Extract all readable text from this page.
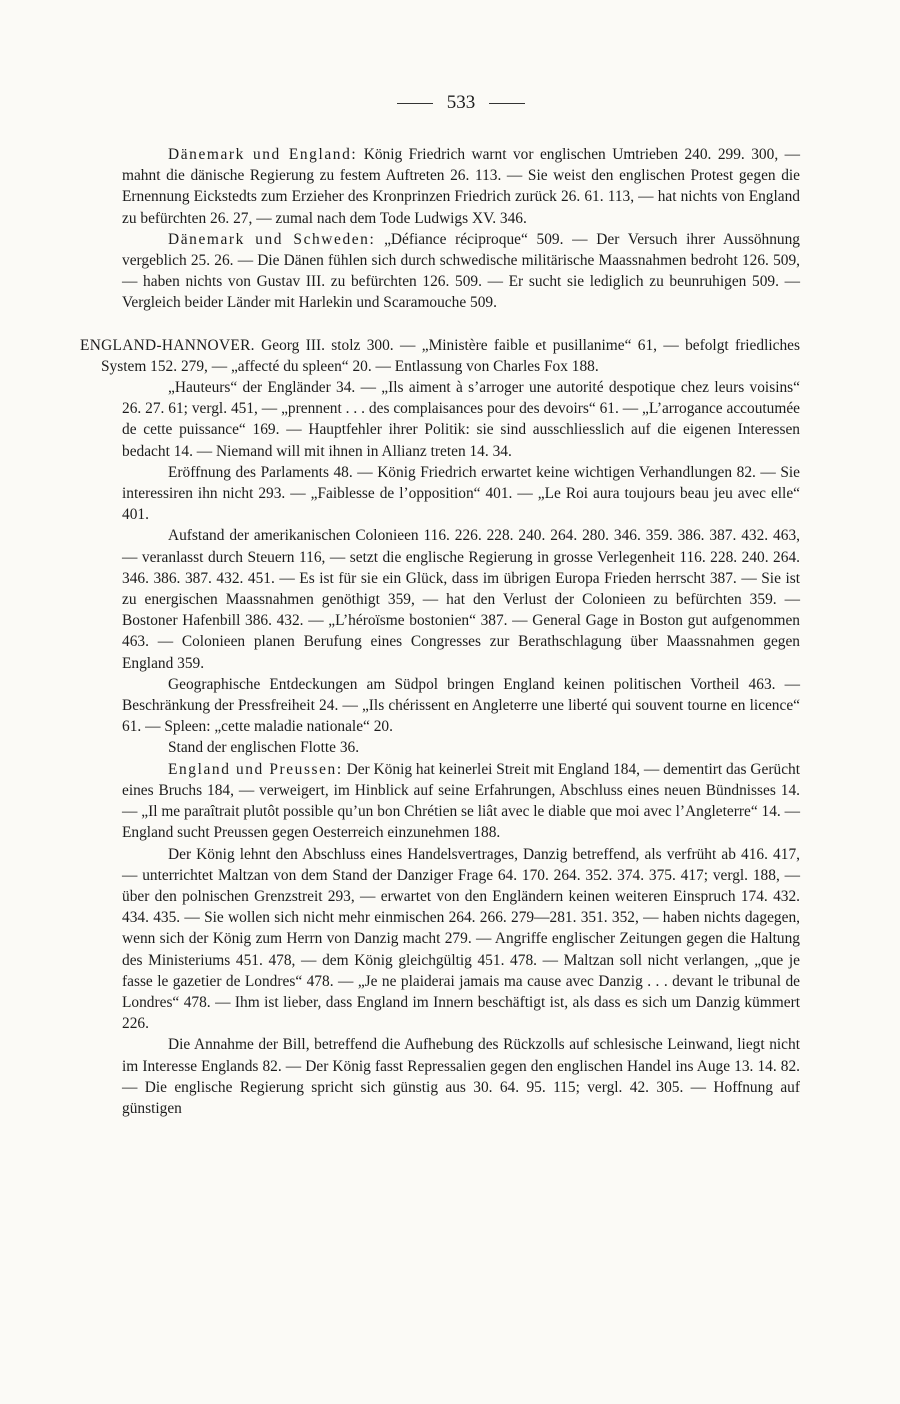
533

Dänemark und England: König Friedrich warnt vor englischen Umtrieben 240. 299. 300, — mahnt die dänische Regierung zu festem Auftreten 26. 113. — Sie weist den englischen Protest gegen die Ernennung Eickstedts zum Erzieher des Kronprinzen Friedrich zurück 26. 61. 113, — hat nichts von England zu befürchten 26. 27, — zumal nach dem Tode Ludwigs XV. 346.

Dänemark und Schweden: „Défiance réciproque“ 509. — Der Versuch ihrer Aussöhnung vergeblich 25. 26. — Die Dänen fühlen sich durch schwedische militärische Maassnahmen bedroht 126. 509, — haben nichts von Gustav III. zu befürchten 126. 509. — Er sucht sie lediglich zu beunruhigen 509. — Vergleich beider Länder mit Harlekin und Scaramouche 509.

ENGLAND-HANNOVER. Georg III. stolz 300. — „Ministère faible et pusillanime“ 61, — befolgt friedliches System 152. 279, — „affecté du spleen“ 20. — Entlassung von Charles Fox 188.

„Hauteurs“ der Engländer 34. — „Ils aiment à s’arroger une autorité despotique chez leurs voisins“ 26. 27. 61; vergl. 451, — „prennent . . . des complaisances pour des devoirs“ 61. — „L’arrogance accoutumée de cette puissance“ 169. — Hauptfehler ihrer Politik: sie sind ausschliesslich auf die eigenen Interessen bedacht 14. — Niemand will mit ihnen in Allianz treten 14. 34.

Eröffnung des Parlaments 48. — König Friedrich erwartet keine wichtigen Verhandlungen 82. — Sie interessiren ihn nicht 293. — „Faiblesse de l’opposition“ 401. — „Le Roi aura toujours beau jeu avec elle“ 401.

Aufstand der amerikanischen Colonieen 116. 226. 228. 240. 264. 280. 346. 359. 386. 387. 432. 463, — veranlasst durch Steuern 116, — setzt die englische Regierung in grosse Verlegenheit 116. 228. 240. 264. 346. 386. 387. 432. 451. — Es ist für sie ein Glück, dass im übrigen Europa Frieden herrscht 387. — Sie ist zu energischen Maassnahmen genöthigt 359, — hat den Verlust der Colonieen zu befürchten 359. — Bostoner Hafenbill 386. 432. — „L’héroïsme bostonien“ 387. — General Gage in Boston gut aufgenommen 463. — Colonieen planen Berufung eines Congresses zur Berathschlagung über Maassnahmen gegen England 359.

Geographische Entdeckungen am Südpol bringen England keinen politischen Vortheil 463. — Beschränkung der Pressfreiheit 24. — „Ils chérissent en Angleterre une liberté qui souvent tourne en licence“ 61. — Spleen: „cette maladie nationale“ 20.

Stand der englischen Flotte 36.

England und Preussen: Der König hat keinerlei Streit mit England 184, — dementirt das Gerücht eines Bruchs 184, — verweigert, im Hinblick auf seine Erfahrungen, Abschluss eines neuen Bündnisses 14. — „Il me paraîtrait plutôt possible qu’un bon Chrétien se liât avec le diable que moi avec l’Angleterre“ 14. — England sucht Preussen gegen Oesterreich einzunehmen 188.

Der König lehnt den Abschluss eines Handelsvertrages, Danzig betreffend, als verfrüht ab 416. 417, — unterrichtet Maltzan von dem Stand der Danziger Frage 64. 170. 264. 352. 374. 375. 417; vergl. 188, — über den polnischen Grenzstreit 293, — erwartet von den Engländern keinen weiteren Einspruch 174. 432. 434. 435. — Sie wollen sich nicht mehr einmischen 264. 266. 279—281. 351. 352, — haben nichts dagegen, wenn sich der König zum Herrn von Danzig macht 279. — Angriffe englischer Zeitungen gegen die Haltung des Ministeriums 451. 478, — dem König gleichgültig 451. 478. — Maltzan soll nicht verlangen, „que je fasse le gazetier de Londres“ 478. — „Je ne plaiderai jamais ma cause avec Danzig . . . devant le tribunal de Londres“ 478. — Ihm ist lieber, dass England im Innern beschäftigt ist, als dass es sich um Danzig kümmert 226.

Die Annahme der Bill, betreffend die Aufhebung des Rückzolls auf schlesische Leinwand, liegt nicht im Interesse Englands 82. — Der König fasst Repressalien gegen den englischen Handel ins Auge 13. 14. 82. — Die englische Regierung spricht sich günstig aus 30. 64. 95. 115; vergl. 42. 305. — Hoffnung auf günstigen
